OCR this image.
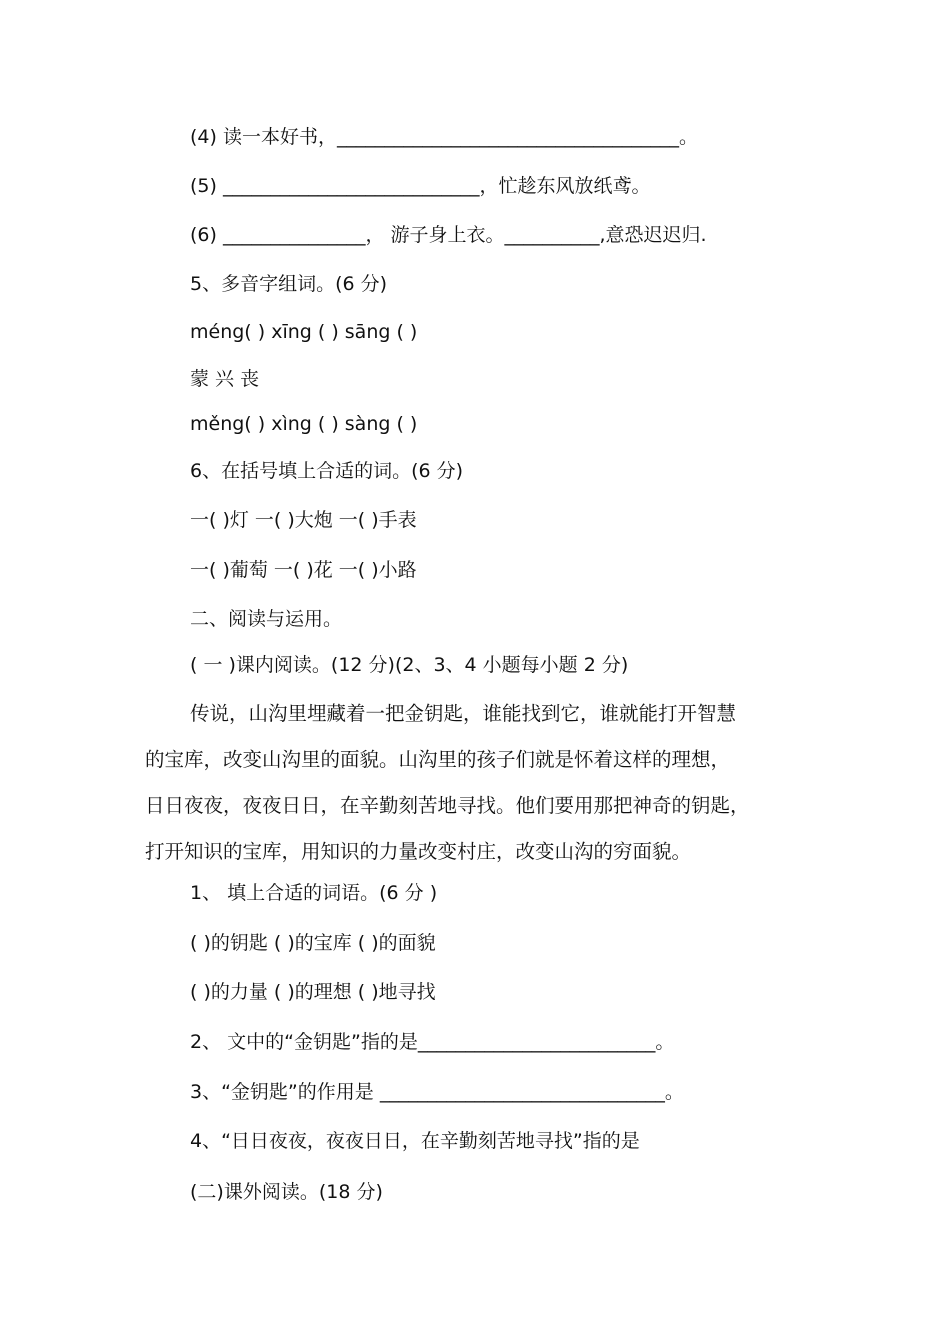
(4) 读一本好书，____________________________________。
(5) ___________________________，忙趁东风放纸鸢。
(6) _______________， 游子身上衣。__________,意恐迟迟归.
5、多音字组词。(6 分)
méng( ) xīng ( ) sāng ( )
蒙 兴 丧
měng( ) xìng ( ) sàng ( )
6、在括号填上合适的词。(6 分)
一( )灯 一( )大炮 一( )手表
一( )葡萄 一( )花 一( )小路
二、阅读与运用。
( 一 )课内阅读。(12 分)(2、3、4 小题每小题 2 分)

传说，山沟里埋藏着一把金钥匙，谁能找到它，谁就能打开智慧

的宝库，改变山沟里的面貌。山沟里的孩子们就是怀着这样的理想，

日日夜夜，夜夜日日，在辛勤刻苦地寻找。他们要用那把神奇的钥匙，

打开知识的宝库，用知识的力量改变村庄，改变山沟的穷面貌。

1、 填上合适的词语。(6 分 )
( )的钥匙 ( )的宝库 ( )的面貌
( )的力量 ( )的理想 ( )地寻找
2、 文中的“金钥匙”指的是_________________________。
3、“金钥匙”的作用是 ______________________________。
4、“日日夜夜，夜夜日日，在辛勤刻苦地寻找”指的是
(二)课外阅读。(18 分)
